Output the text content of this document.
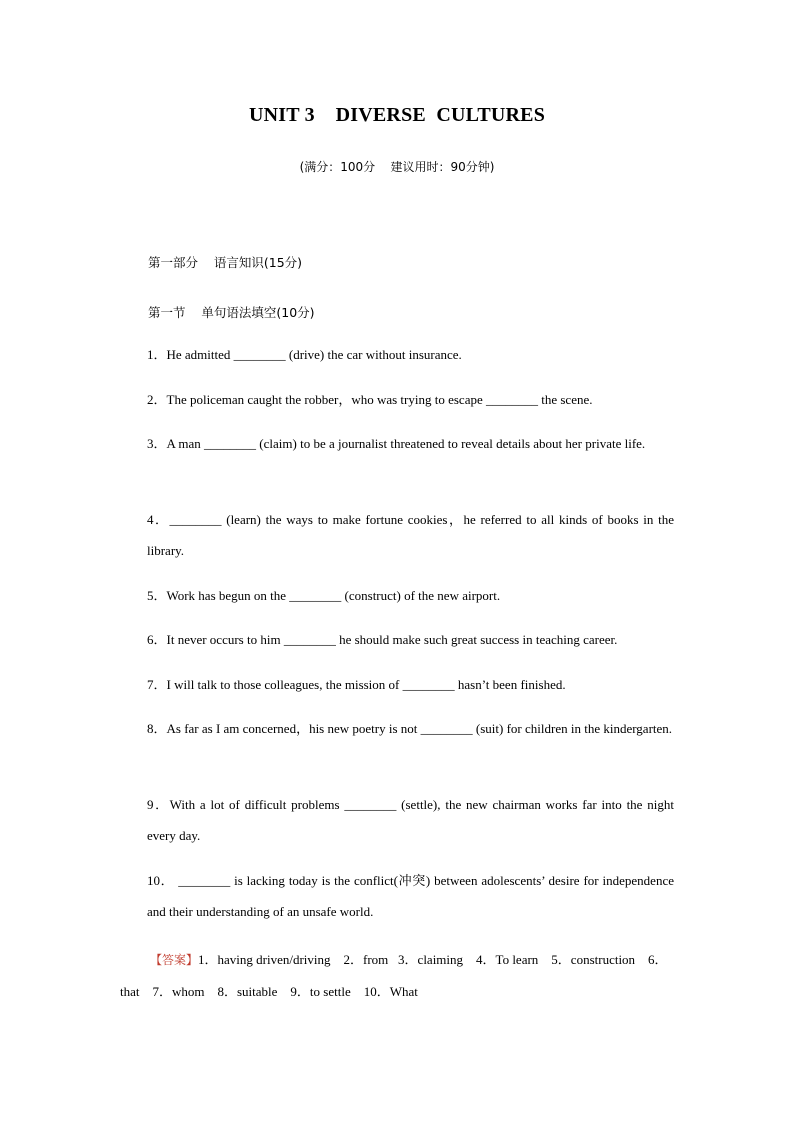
UNIT 3    DIVERSE  CULTURES
(满分：100分    建议用时：90分钟)
第一部分    语言知识(15分)
第一节    单句语法填空(10分)
1．He admitted ________ (drive) the car without insurance.
2．The policeman caught the robber，who was trying to escape ________ the scene.
3．A man ________ (claim) to be a journalist threatened to reveal details about her private life.
4．________ (learn) the ways to make fortune cookies，he referred to all kinds of books in the library.
5．Work has begun on the ________ (construct) of the new airport.
6．It never occurs to him ________ he should make such great success in teaching career.
7．I will talk to those colleagues, the mission of ________ hasn’t been finished.
8．As far as I am concerned，his new poetry is not ________ (suit) for children in the kindergarten.
9．With a lot of difficult problems ________ (settle), the new chairman works far into the night every day.
10． ________ is lacking today is the conflict(冲突) between adolescents’ desire for independence and their understanding of an unsafe world.
【答案】1．having driven/driving    2．from   3．claiming    4．To learn    5．construction    6．that    7．whom    8．suitable    9．to settle    10．What
